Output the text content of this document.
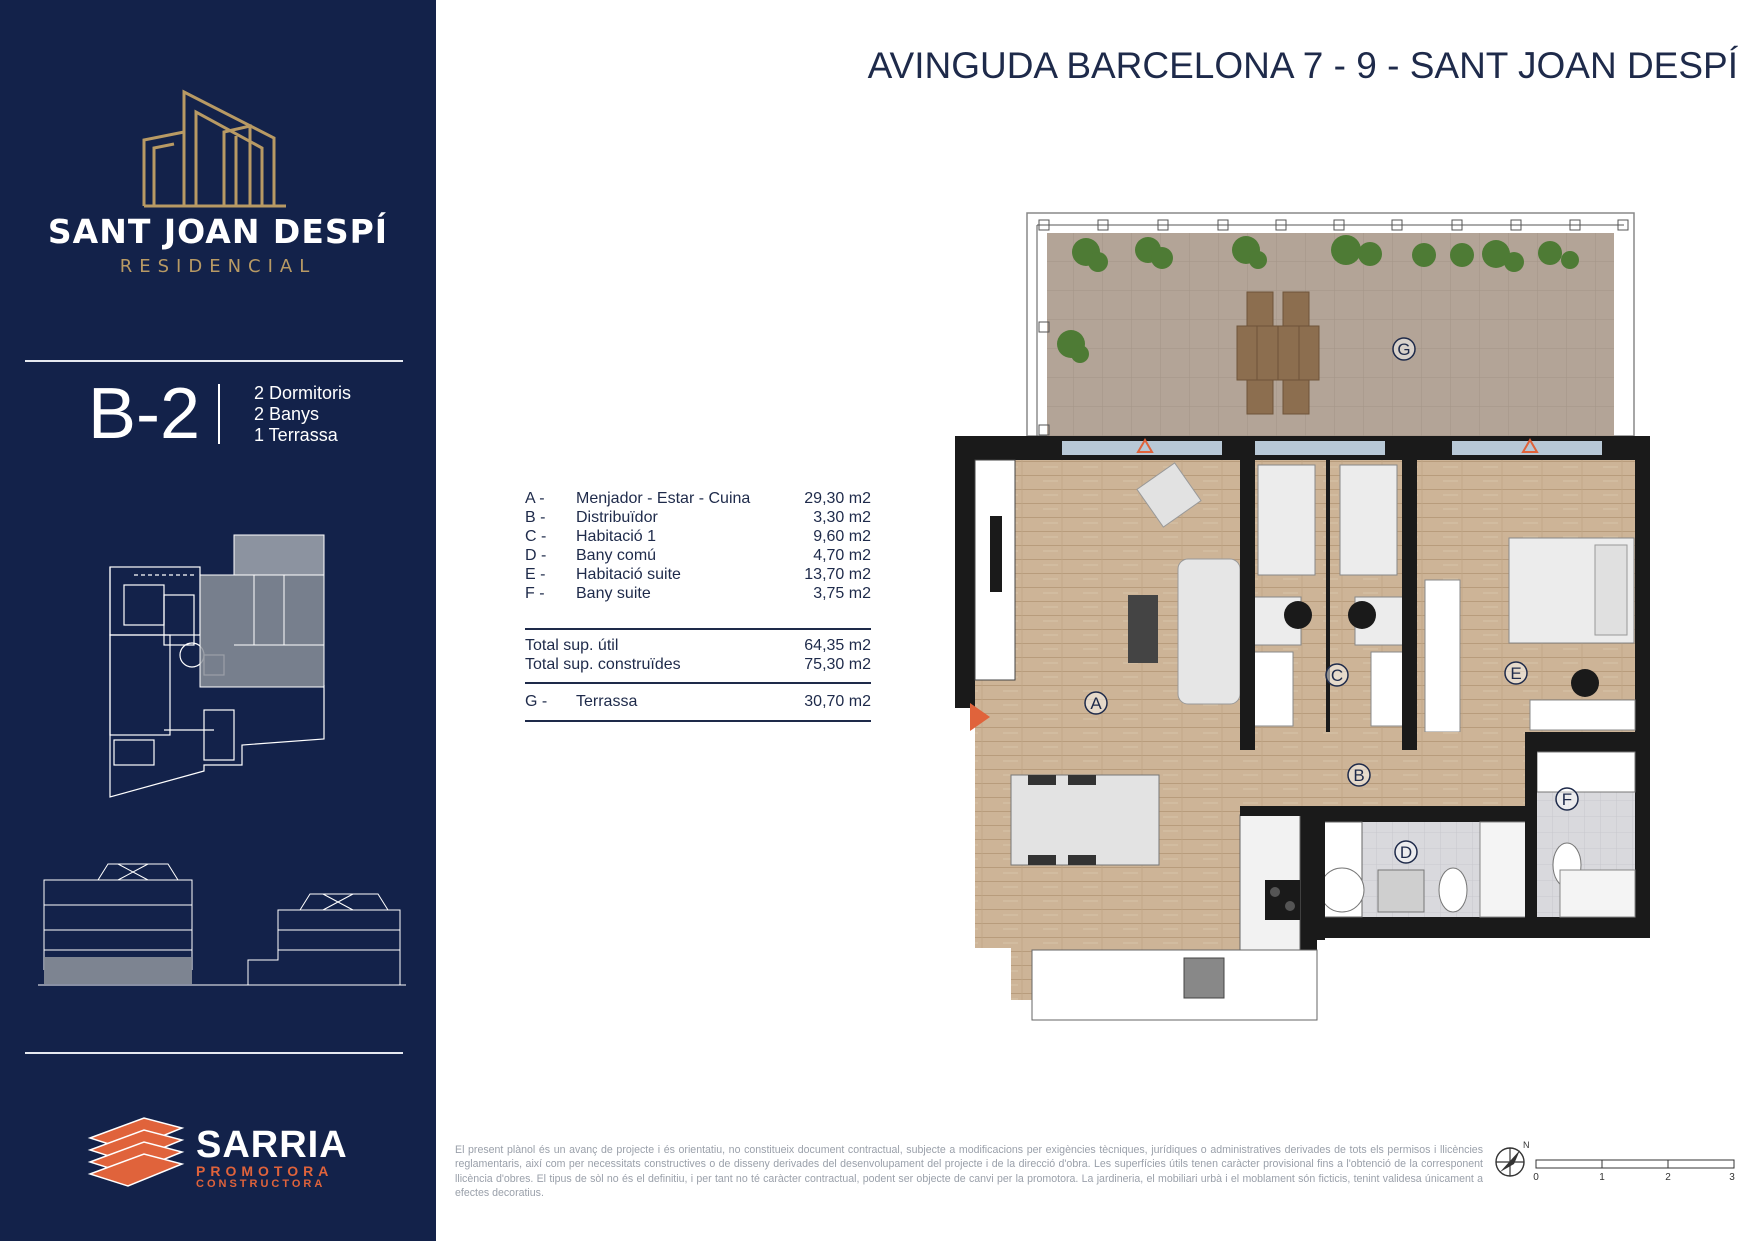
SANT JOAN DESPÍ
RESIDENCIAL
B-2	2 Dormitoris
2 Banys
1 Terrassa
SARRIA
PROMOTORA
CONSTRUCTORA
AVINGUDA BARCELONA 7 - 9 - SANT JOAN DESPÍ
A - Menjador - Estar - Cuina	29,30 m2
B - Distribuïdor	3,30 m2
C - Habitació 1	9,60 m2
D - Bany comú	4,70 m2
E - Habitació suite	13,70 m2
F - Bany suite	3,75 m2
Total sup. útil	64,35 m2
Total sup. construïdes	75,30 m2
G - Terrassa	30,70 m2	A
B
C
D
E
F
G
El present plànol és un avanç de projecte i és orientatiu, no constitueix document contractual, subjecte a modificacions per exigències tècniques, jurídiques o administratives derivades de tots els permisos i llicències reglamentaris, així com per necessitats constructives o de disseny derivades del desenvolupament del projecte i de la direcció d'obra. Les superfícies útils tenen caràcter provisional fins a l'obtenció de la corresponent llicència d'obres. El tipus de sòl no és el definitiu, i per tant no té caràcter contractual, podent ser objecte de canvi per la promotora. La jardineria, el mobiliari urbà i el moblament són ficticis, tenint validesa únicament a efectes decoratius.
N
0	1	2	3
